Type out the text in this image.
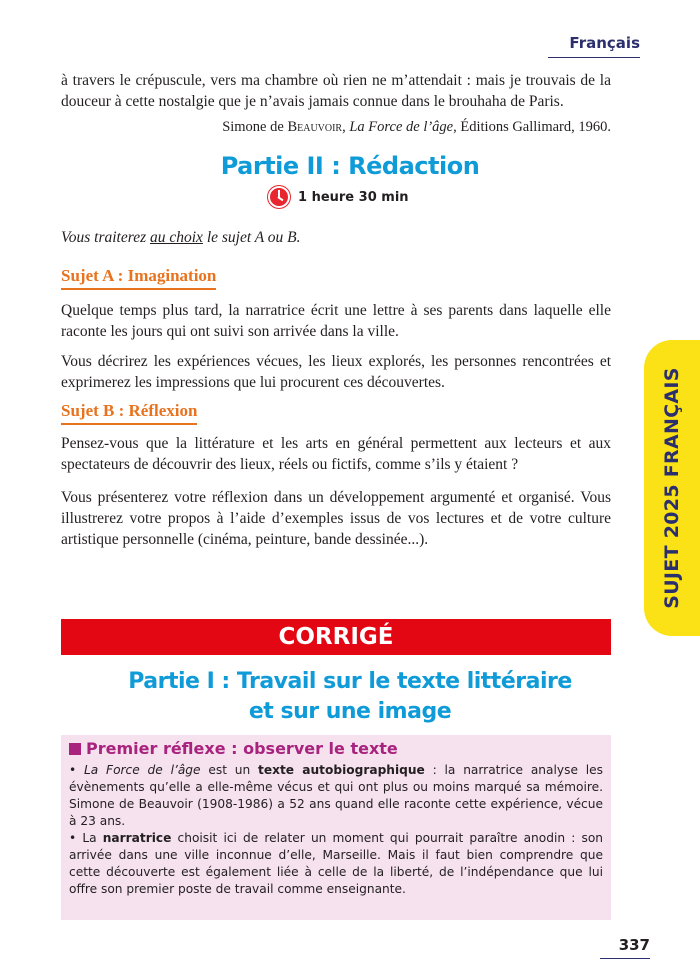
Français

à travers le crépuscule, vers ma chambre où rien ne m’attendait : mais je trouvais de la douceur à cette nostalgie que je n’avais jamais connue dans le brouhaha de Paris.

Simone de Beauvoir, La Force de l’âge, Éditions Gallimard, 1960.

Partie II : Rédaction
1 heure 30 min

Vous traiterez au choix le sujet A ou B.

Sujet A : Imagination

Quelque temps plus tard, la narratrice écrit une lettre à ses parents dans laquelle elle raconte les jours qui ont suivi son arrivée dans la ville.

Vous décrirez les expériences vécues, les lieux explorés, les personnes rencontrées et exprimerez les impressions que lui procurent ces découvertes.

Sujet B : Réflexion

Pensez-vous que la littérature et les arts en général permettent aux lecteurs et aux spectateurs de découvrir des lieux, réels ou fictifs, comme s’ils y étaient ?

Vous présenterez votre réflexion dans un développement argumenté et organisé. Vous illustrerez votre propos à l’aide d’exemples issus de vos lectures et de votre culture artistique personnelle (cinéma, peinture, bande dessinée...).	SUJET 2025 FRANÇAIS
CORRIGÉ
Partie I : Travail sur le texte littéraire
et sur une image
Premier réflexe : observer le texte

• La Force de l’âge est un texte autobiographique : la narratrice analyse les évènements qu’elle a elle-même vécus et qui ont plus ou moins marqué sa mémoire. Simone de Beauvoir (1908-1986) a 52 ans quand elle raconte cette expérience, vécue à 23 ans.

• La narratrice choisit ici de relater un moment qui pourrait paraître anodin : son arrivée dans une ville inconnue d’elle, Marseille. Mais il faut bien comprendre que cette découverte est également liée à celle de la liberté, de l’indépendance que lui offre son premier poste de travail comme enseignante.

337
